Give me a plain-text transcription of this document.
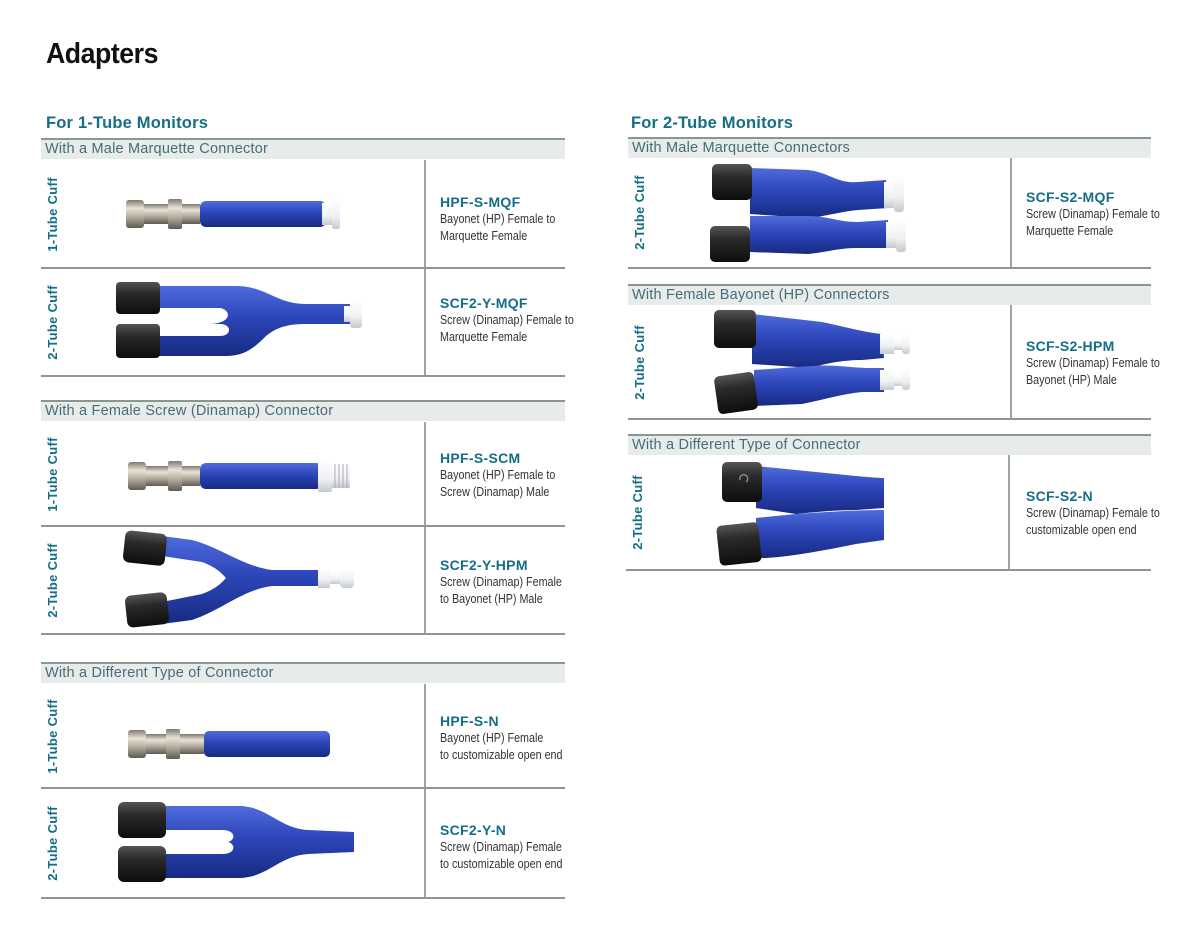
Adapters
For 1-Tube Monitors
With a Male Marquette Connector
1-Tube Cuff	HPF-S-MQF
Bayonet (HP) Female to
Marquette Female
2-Tube Cuff	SCF2-Y-MQF
Screw (Dinamap) Female to
Marquette Female
With a Female Screw (Dinamap) Connector
1-Tube Cuff	HPF-S-SCM
Bayonet (HP) Female to
Screw (Dinamap) Male
2-Tube Cuff	SCF2-Y-HPM
Screw (Dinamap) Female
to Bayonet (HP) Male
With a Different Type of Connector
1-Tube Cuff	HPF-S-N
Bayonet (HP) Female
to customizable open end
2-Tube Cuff	SCF2-Y-N
Screw (Dinamap) Female
to customizable open end
For 2-Tube Monitors
With Male Marquette Connectors
2-Tube Cuff	SCF-S2-MQF
Screw (Dinamap) Female to
Marquette Female
With Female Bayonet (HP) Connectors
2-Tube Cuff	SCF-S2-HPM
Screw (Dinamap) Female to
Bayonet (HP) Male
With a Different Type of Connector
2-Tube Cuff	SCF-S2-N
Screw (Dinamap) Female to
customizable open end
